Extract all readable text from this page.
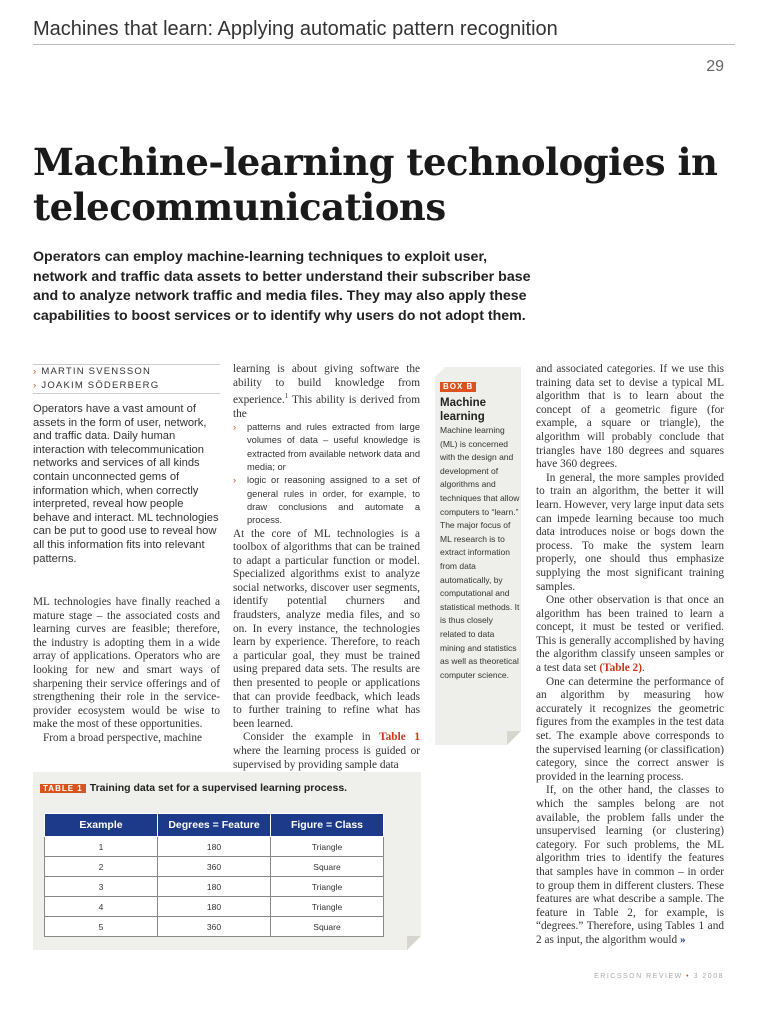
Machines that learn: Applying automatic pattern recognition
29
Machine-learning technologies in telecommunications
Operators can employ machine-learning techniques to exploit user, network and traffic data assets to better understand their subscriber base and to analyze network traffic and media files. They may also apply these capabilities to boost services or to identify why users do not adopt them.
› MARTIN SVENSSON
› JOAKIM SÖDERBERG
Operators have a vast amount of assets in the form of user, network, and traffic data. Daily human interaction with telecommunication networks and services of all kinds contain unconnected gems of information which, when correctly interpreted, reveal how people behave and interact. ML technologies can be put to good use to reveal how all this information fits into relevant patterns.

ML technologies have finally reached a mature stage – the associated costs and learning curves are feasible; therefore, the industry is adopting them in a wide array of applications. Operators who are looking for new and smart ways of sharpening their service offerings and of strengthening their role in the service-provider ecosystem would be wise to make the most of these opportunities.

From a broad perspective, machine

learning is about giving software the ability to build knowledge from experience.$^1$ This ability is derived from the

› patterns and rules extracted from large volumes of data – useful knowledge is extracted from available network data and media; or
› logic or reasoning assigned to a set of general rules in order, for example, to draw conclusions and automate a process.

At the core of ML technologies is a toolbox of algorithms that can be trained to adapt a particular function or model. Specialized algorithms exist to analyze social networks, discover user segments, identify potential churners and fraudsters, analyze media files, and so on. In every instance, the technologies learn by experience. Therefore, to reach a particular goal, they must be trained using prepared data sets. The results are then presented to people or applications that can provide feedback, which leads to further training to refine what has been learned.

Consider the example in Table 1 where the learning process is guided or supervised by providing sample data

BOX B
Machine learning
Machine learning (ML) is concerned with the design and development of algorithms and techniques that allow computers to “learn.” The major focus of ML research is to extract information from data automatically, by computational and statistical methods. It is thus closely related to data mining and statistics as well as theoretical computer science.

and associated categories. If we use this training data set to devise a typical ML algorithm that is to learn about the concept of a geometric figure (for example, a square or triangle), the algorithm will probably conclude that triangles have 180 degrees and squares have 360 degrees.

In general, the more samples provided to train an algorithm, the better it will learn. However, very large input data sets can impede learning because too much data introduces noise or bogs down the process. To make the system learn properly, one should thus emphasize supplying the most significant training samples.

One other observation is that once an algorithm has been trained to learn a concept, it must be tested or verified. This is generally accomplished by having the algorithm classify unseen samples or a test data set (Table 2).

One can determine the performance of an algorithm by measuring how accurately it recognizes the geometric figures from the examples in the test data set. The example above corresponds to the supervised learning (or classification) category, since the correct answer is provided in the learning process.

If, on the other hand, the classes to which the samples belong are not available, the problem falls under the unsupervised learning (or clustering) category. For such problems, the ML algorithm tries to identify the features that samples have in common – in order to group them in different clusters. These features are what describe a sample. The feature in Table 2, for example, is “degrees.” Therefore, using Tables 1 and 2 as input, the algorithm would »

TABLE 1 Training data set for a supervised learning process.
Example	Degrees = Feature	Figure = Class
1	180	Triangle
2	360	Square
3	180	Triangle
4	180	Triangle
5	360	Square
ERICSSON REVIEW • 3 2008
